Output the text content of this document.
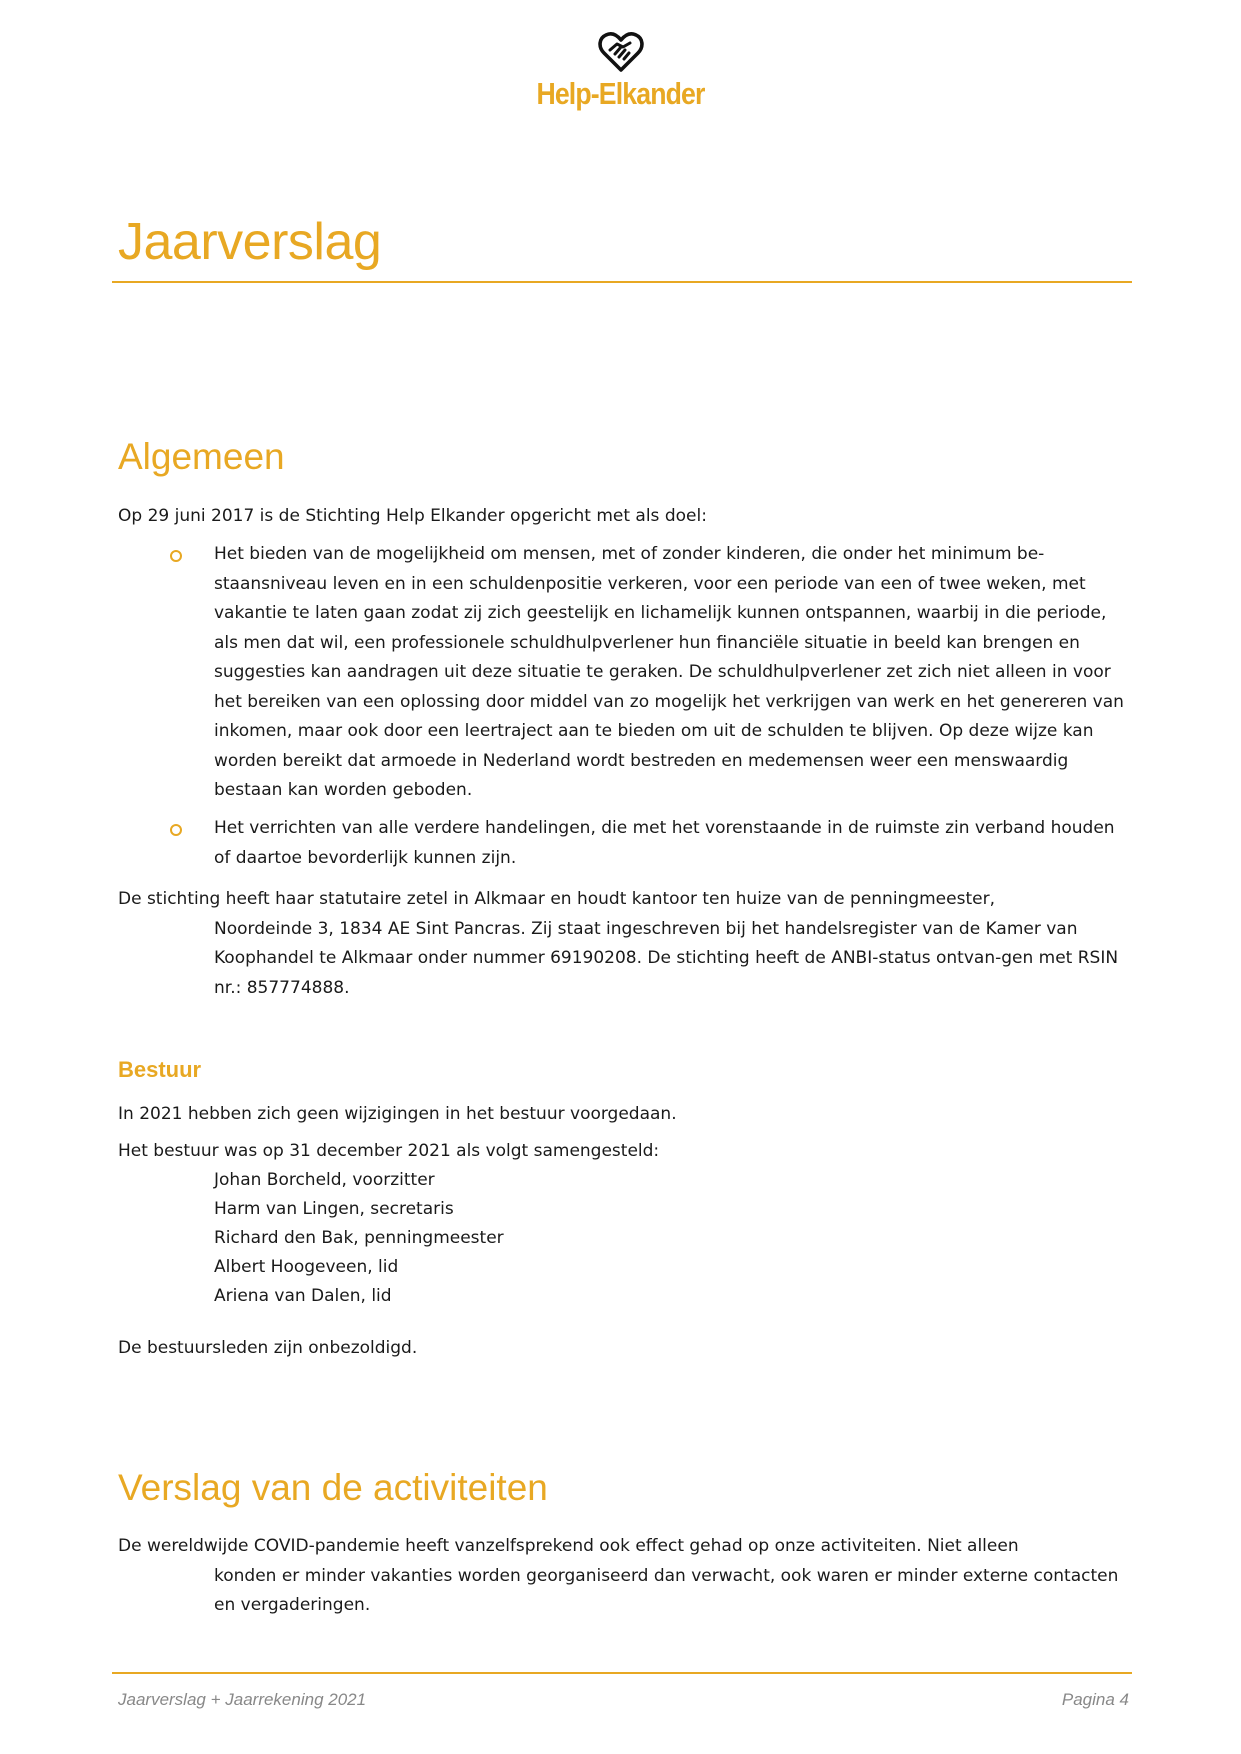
Help-Elkander
Jaarverslag
Algemeen

Op 29 juni 2017 is de Stichting Help Elkander opgericht met als doel:

Het bieden van de mogelijkheid om mensen, met of zonder kinderen, die onder het minimum be-staansniveau leven en in een schuldenpositie verkeren, voor een periode van een of twee weken, met vakantie te laten gaan zodat zij zich geestelijk en lichamelijk kunnen ontspannen, waarbij in die periode, als men dat wil, een professionele schuldhulpverlener hun financiële situatie in beeld kan brengen en suggesties kan aandragen uit deze situatie te geraken. De schuldhulpverlener zet zich niet alleen in voor het bereiken van een oplossing door middel van zo mogelijk het verkrijgen van werk en het genereren van inkomen, maar ook door een leertraject aan te bieden om uit de schulden te blijven. Op deze wijze kan worden bereikt dat armoede in Nederland wordt bestreden en medemensen weer een menswaardig bestaan kan worden geboden.

Het verrichten van alle verdere handelingen, die met het vorenstaande in de ruimste zin verband houden of daartoe bevorderlijk kunnen zijn.

De stichting heeft haar statutaire zetel in Alkmaar en houdt kantoor ten huize van de penningmeester,
Noordeinde 3, 1834 AE Sint Pancras. Zij staat ingeschreven bij het handelsregister van de Kamer van Koophandel te Alkmaar onder nummer 69190208. De stichting heeft de ANBI-status ontvan-gen met RSIN nr.: 857774888.

Bestuur

In 2021 hebben zich geen wijzigingen in het bestuur voorgedaan.

Het bestuur was op 31 december 2021 als volgt samengesteld:

Johan Borcheld, voorzitter
Harm van Lingen, secretaris
Richard den Bak, penningmeester
Albert Hoogeveen, lid
Ariena van Dalen, lid

De bestuursleden zijn onbezoldigd.

Verslag van de activiteiten

De wereldwijde COVID-pandemie heeft vanzelfsprekend ook effect gehad op onze activiteiten. Niet alleen
konden er minder vakanties worden georganiseerd dan verwacht, ook waren er minder externe contacten en vergaderingen.

Jaarverslag + Jaarrekening 2021	Pagina 4
